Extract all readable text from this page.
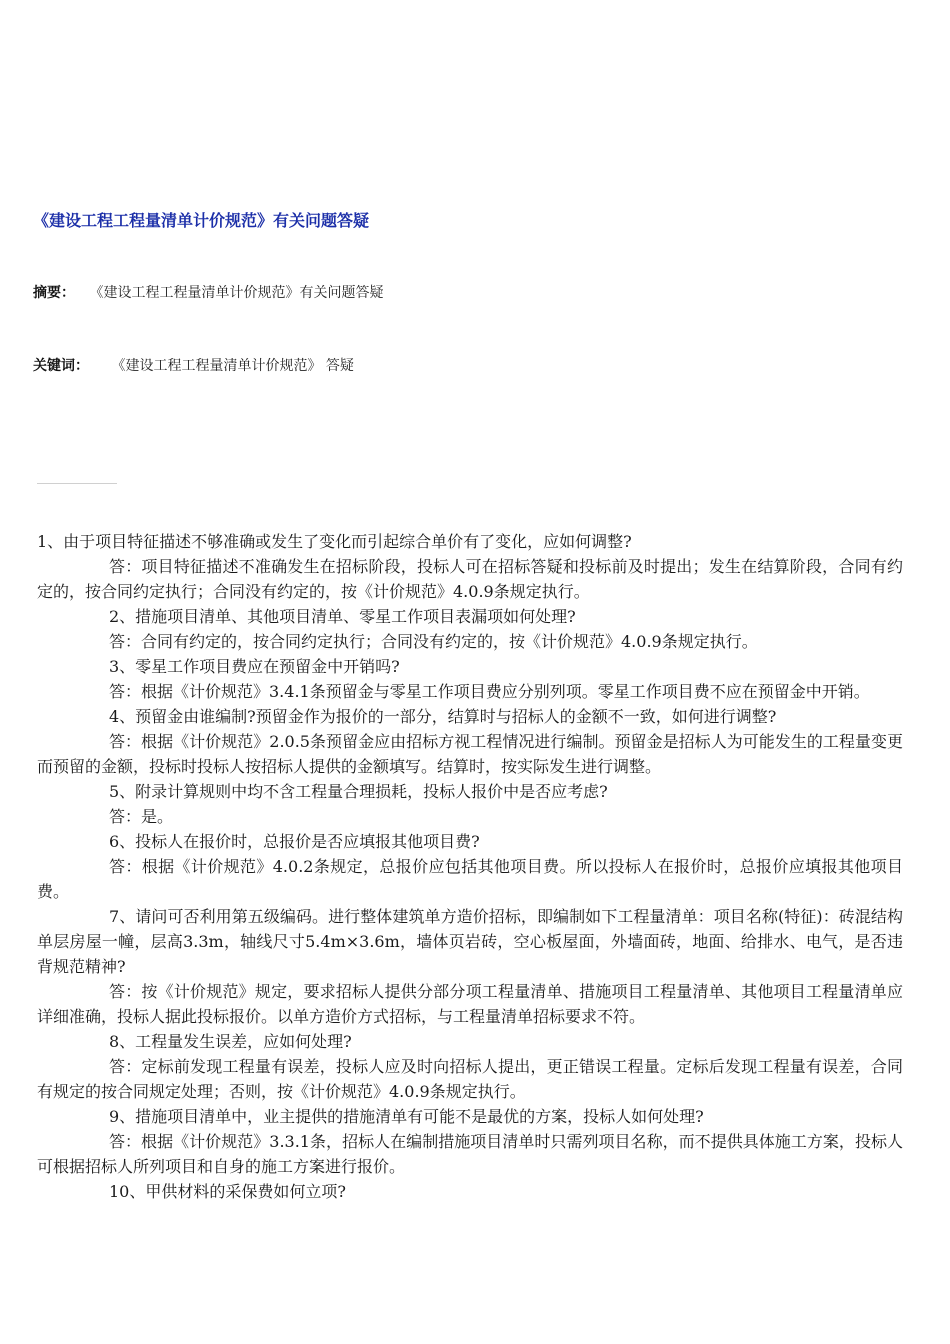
《建设工程工程量清单计价规范》有关问题答疑
摘要： 《建设工程工程量清单计价规范》有关问题答疑
关键词： 《建设工程工程量清单计价规范》 答疑

1、由于项目特征描述不够准确或发生了变化而引起综合单价有了变化，应如何调整?

答：项目特征描述不准确发生在招标阶段，投标人可在招标答疑和投标前及时提出；发生在结算阶段，合同有约定的，按合同约定执行；合同没有约定的，按《计价规范》4.0.9条规定执行。

2、措施项目清单、其他项目清单、零星工作项目表漏项如何处理?

答：合同有约定的，按合同约定执行；合同没有约定的，按《计价规范》4.0.9条规定执行。

3、零星工作项目费应在预留金中开销吗?

答：根据《计价规范》3.4.1条预留金与零星工作项目费应分别列项。零星工作项目费不应在预留金中开销。

4、预留金由谁编制?预留金作为报价的一部分，结算时与招标人的金额不一致，如何进行调整?

答：根据《计价规范》2.0.5条预留金应由招标方视工程情况进行编制。预留金是招标人为可能发生的工程量变更而预留的金额，投标时投标人按招标人提供的金额填写。结算时，按实际发生进行调整。

5、附录计算规则中均不含工程量合理损耗，投标人报价中是否应考虑?

答：是。

6、投标人在报价时，总报价是否应填报其他项目费?

答：根据《计价规范》4.0.2条规定，总报价应包括其他项目费。所以投标人在报价时，总报价应填报其他项目费。

7、请问可否利用第五级编码。进行整体建筑单方造价招标，即编制如下工程量清单：项目名称(特征)：砖混结构单层房屋一幢，层高3.3m，轴线尺寸5.4m×3.6m，墙体页岩砖，空心板屋面，外墙面砖，地面、给排水、电气，是否违背规范精神?

答：按《计价规范》规定，要求招标人提供分部分项工程量清单、措施项目工程量清单、其他项目工程量清单应详细准确，投标人据此投标报价。以单方造价方式招标，与工程量清单招标要求不符。

8、工程量发生误差，应如何处理?

答：定标前发现工程量有误差，投标人应及时向招标人提出，更正错误工程量。定标后发现工程量有误差，合同有规定的按合同规定处理；否则，按《计价规范》4.0.9条规定执行。

9、措施项目清单中，业主提供的措施清单有可能不是最优的方案，投标人如何处理?

答：根据《计价规范》3.3.1条，招标人在编制措施项目清单时只需列项目名称，而不提供具体施工方案，投标人可根据招标人所列项目和自身的施工方案进行报价。

10、甲供材料的采保费如何立项?
